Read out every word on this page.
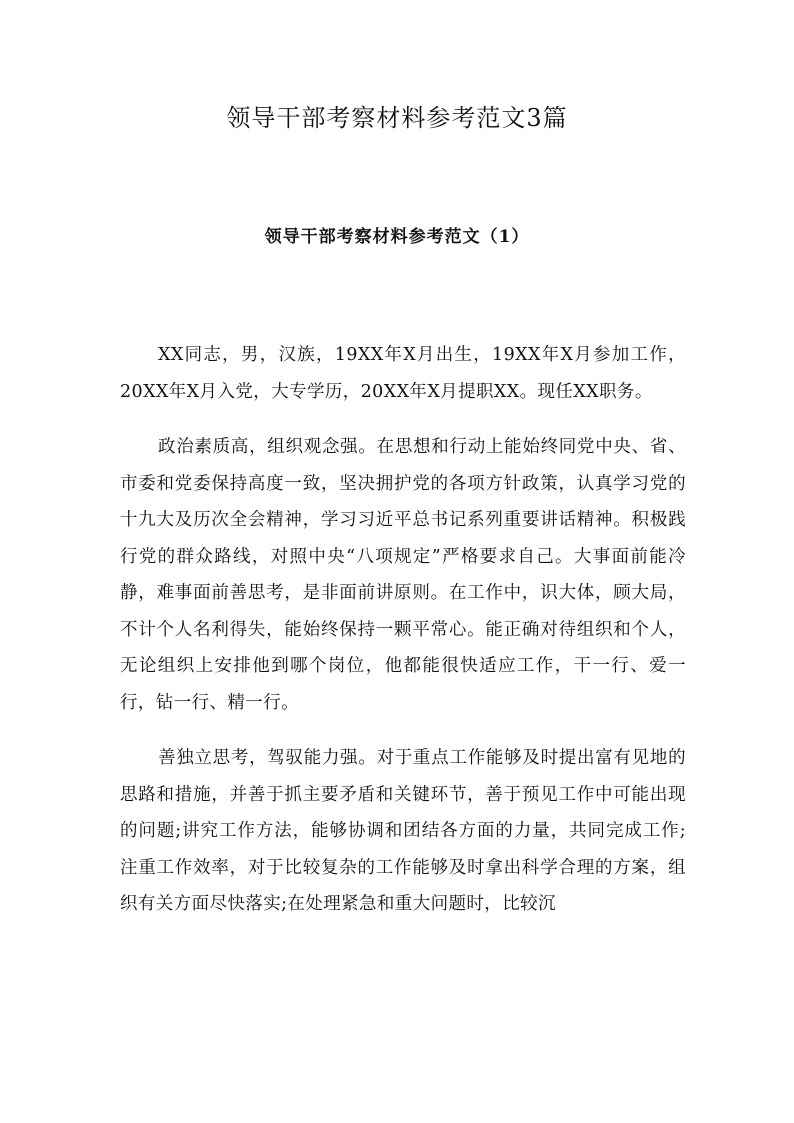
领导干部考察材料参考范文3篇
领导干部考察材料参考范文（1）

XX同志，男，汉族，19XX年X月出生，19XX年X月参加工作，20XX年X月入党，大专学历，20XX年X月提职XX。现任XX职务。

政治素质高，组织观念强。在思想和行动上能始终同党中央、省、市委和党委保持高度一致，坚决拥护党的各项方针政策，认真学习党的十九大及历次全会精神，学习习近平总书记系列重要讲话精神。积极践行党的群众路线，对照中央“八项规定”严格要求自己。大事面前能冷静，难事面前善思考，是非面前讲原则。在工作中，识大体，顾大局，不计个人名利得失，能始终保持一颗平常心。能正确对待组织和个人，无论组织上安排他到哪个岗位，他都能很快适应工作，干一行、爱一行，钻一行、精一行。

善独立思考，驾驭能力强。对于重点工作能够及时提出富有见地的思路和措施，并善于抓主要矛盾和关键环节，善于预见工作中可能出现的问题;讲究工作方法，能够协调和团结各方面的力量，共同完成工作;注重工作效率，对于比较复杂的工作能够及时拿出科学合理的方案，组织有关方面尽快落实;在处理紧急和重大问题时，比较沉
